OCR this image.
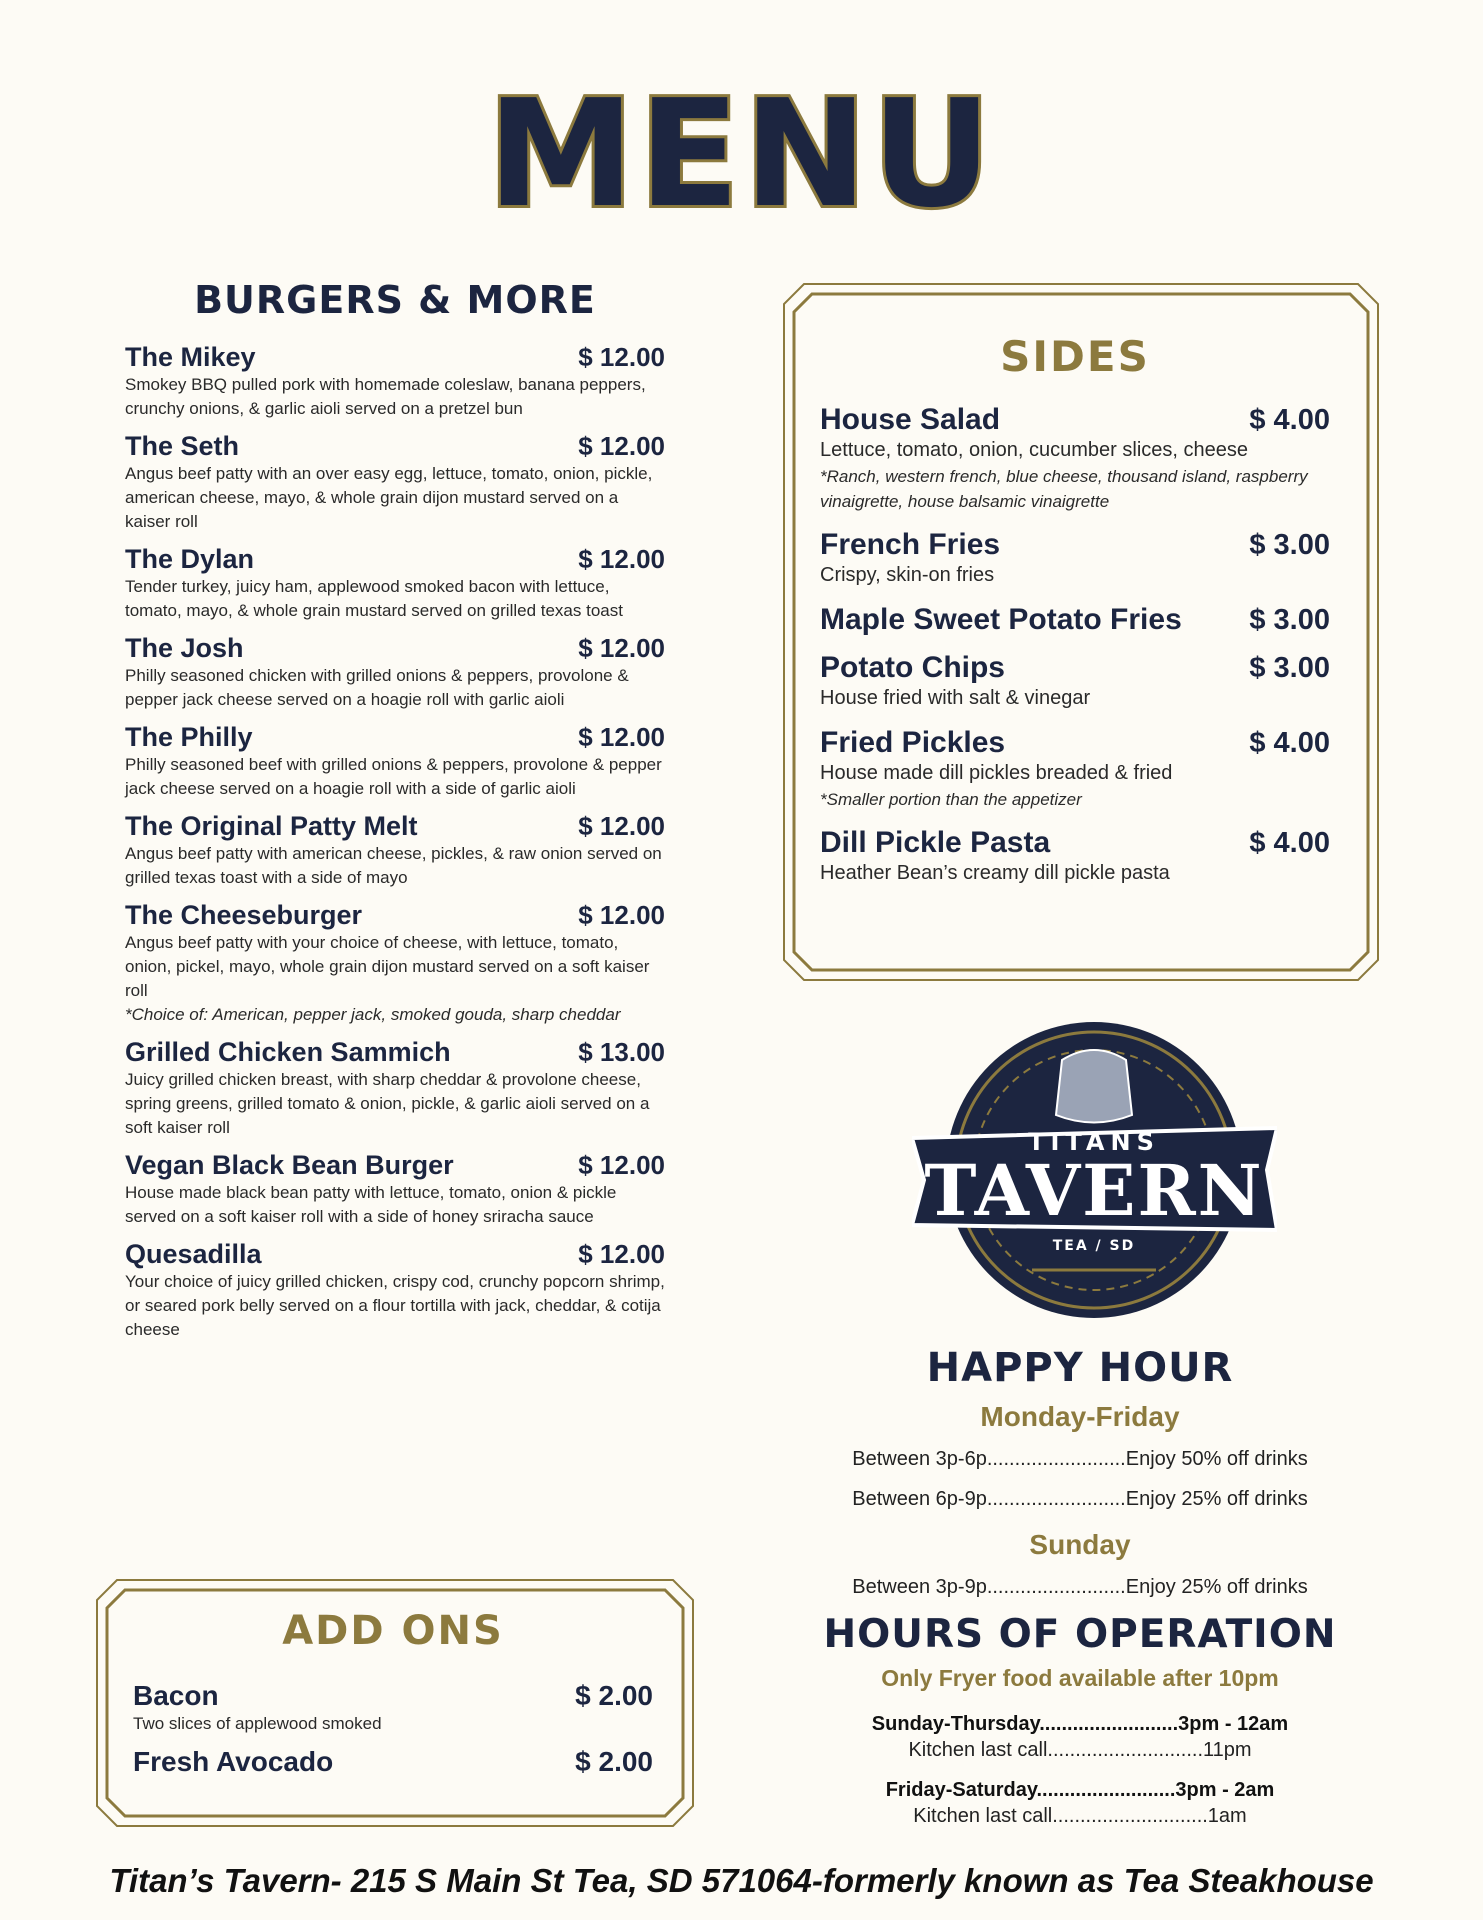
MENU
BURGERS & MORE
The Mikey	$ 12.00
Smokey BBQ pulled pork with homemade coleslaw, banana peppers, crunchy onions, & garlic aioli served on a pretzel bun
The Seth	$ 12.00
Angus beef patty with an over easy egg, lettuce, tomato, onion, pickle, american cheese, mayo, & whole grain dijon mustard served on a kaiser roll
The Dylan	$ 12.00
Tender turkey, juicy ham, applewood smoked bacon with lettuce, tomato, mayo, & whole grain mustard served on grilled texas toast
The Josh	$ 12.00
Philly seasoned chicken with grilled onions & peppers, provolone & pepper jack cheese served on a hoagie roll with garlic aioli
The Philly	$ 12.00
Philly seasoned beef with grilled onions & peppers, provolone & pepper jack cheese served on a hoagie roll with a side of garlic aioli
The Original Patty Melt	$ 12.00
Angus beef patty with american cheese, pickles, & raw onion served on grilled texas toast with a side of mayo
The Cheeseburger	$ 12.00
Angus beef patty with your choice of cheese, with lettuce, tomato, onion, pickel, mayo, whole grain dijon mustard served on a soft kaiser roll
*Choice of: American, pepper jack, smoked gouda, sharp cheddar
Grilled Chicken Sammich	$ 13.00
Juicy grilled chicken breast, with sharp cheddar & provolone cheese, spring greens, grilled tomato & onion, pickle, & garlic aioli served on a soft kaiser roll
Vegan Black Bean Burger	$ 12.00
House made black bean patty with lettuce, tomato, onion & pickle served on a soft kaiser roll with a side of honey sriracha sauce
Quesadilla	$ 12.00
Your choice of juicy grilled chicken, crispy cod, crunchy popcorn shrimp, or seared pork belly served on a flour tortilla with jack, cheddar, & cotija cheese
SIDES
House Salad	$ 4.00
Lettuce, tomato, onion, cucumber slices, cheese
*Ranch, western french, blue cheese, thousand island, raspberry vinaigrette, house balsamic vinaigrette
French Fries	$ 3.00
Crispy, skin-on fries
Maple Sweet Potato Fries $ 3.00
Potato Chips	$ 3.00
House fried with salt & vinegar
Fried Pickles	$ 4.00
House made dill pickles breaded & fried
*Smaller portion than the appetizer
Dill Pickle Pasta	$ 4.00
Heather Bean’s creamy dill pickle pasta
ADD ONS
Bacon	$ 2.00
Two slices of applewood smoked
Fresh Avocado	$ 2.00
TITANS
TAVERN
TEA / SD
HAPPY HOUR
Monday-Friday
Between 3p-6p.........................Enjoy 50% off drinks
Between 6p-9p.........................Enjoy 25% off drinks
Sunday
Between 3p-9p.........................Enjoy 25% off drinks
HOURS OF OPERATION
Only Fryer food available after 10pm
Sunday-Thursday.........................3pm - 12am
Kitchen last call............................11pm
Friday-Saturday.........................3pm - 2am
Kitchen last call............................1am
Titan’s Tavern- 215 S Main St Tea, SD 571064-formerly known as Tea Steakhouse
